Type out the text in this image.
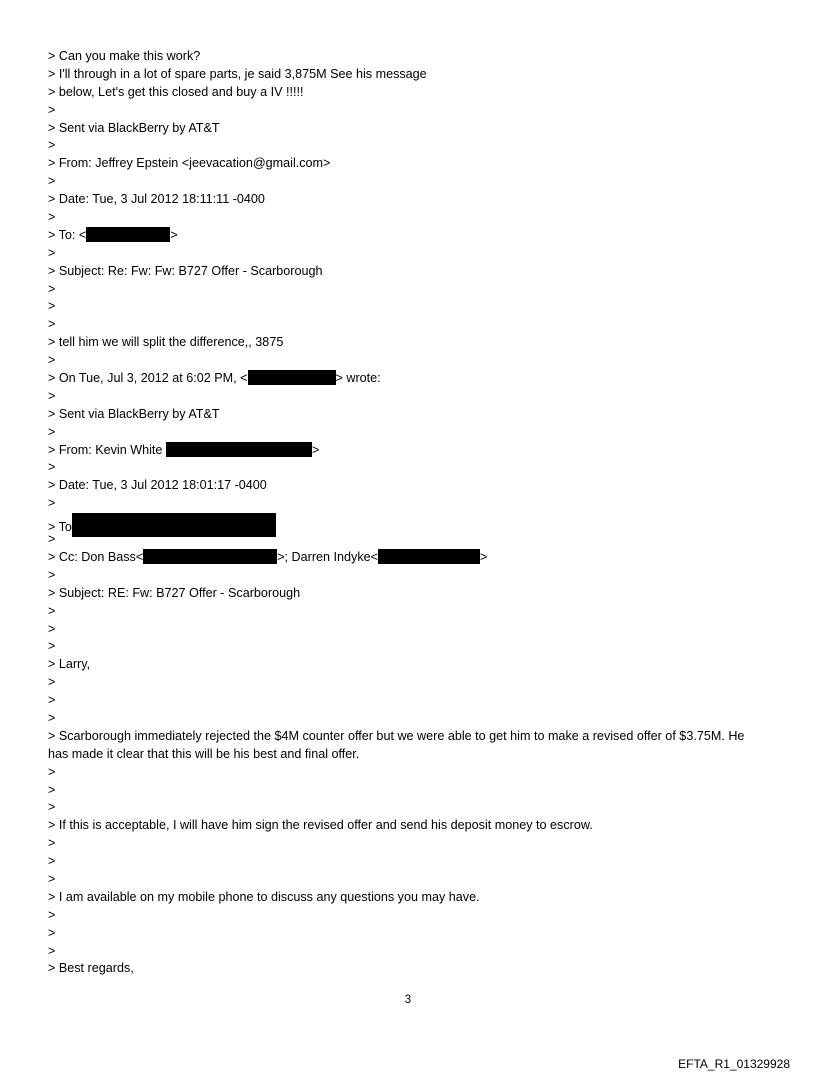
> Can you make this work?
> I'll through in a lot of spare parts, je said 3,875M See his message
> below, Let's get this closed and buy a IV !!!!!
>
> Sent via BlackBerry by AT&T
>
> From: Jeffrey Epstein <jeevacation@gmail.com>
>
> Date: Tue, 3 Jul 2012 18:11:11 -0400
>
> To: <	>
>
> Subject: Re: Fw: Fw: B727 Offer - Scarborough
>
>
>
> tell him we will split the difference,, 3875
>
> On Tue, Jul 3, 2012 at 6:02 PM, <	> wrote:
>
> Sent via BlackBerry by AT&T
>
> From: Kevin White	>
>
> Date: Tue, 3 Jul 2012 18:01:17 -0400
>
> To
>
> Cc: Don Bass<	>; Darren Indyke<	>
>
> Subject: RE: Fw: B727 Offer - Scarborough
>
>
>
> Larry,
>
>
>
> Scarborough immediately rejected the $4M counter offer but we were able to get him to make a revised offer of $3.75M. He has made it clear that this will be his best and final offer.
>
>
>
> If this is acceptable, I will have him sign the revised offer and send his deposit money to escrow.
>
>
>
> I am available on my mobile phone to discuss any questions you may have.
>
>
>
> Best regards,
3
EFTA_R1_01329928
